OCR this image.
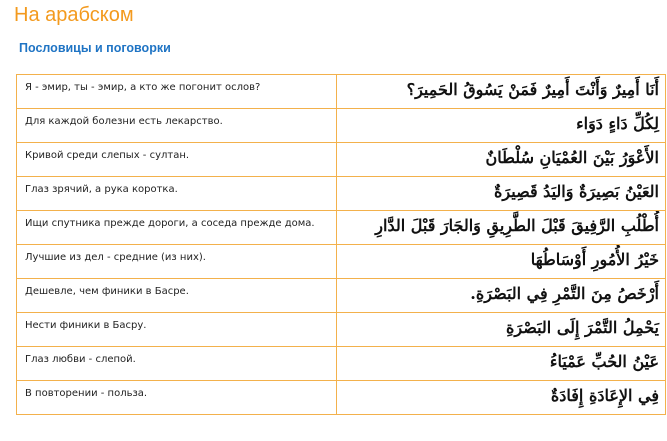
На арабском
Пословицы и поговорки
Я - эмир, ты - эмир, а кто же погонит ослов?	أَنَا أَمِيرٌ وَأَنْتَ أَمِيرٌ فَمَنْ يَسُوقُ الحَمِيرَ؟
Для каждой болезни есть лекарство.	لِكُلِّ دَاءٍ دَوَاء
Кривой среди слепых - султан.	الأَعْوَرُ بَيْنَ العُمْيَانِ سُلْطَانٌ
Глаз зрячий, а рука коротка.	العَيْنُ بَصِيرَةٌ وَاليَدُ قَصِيرَةٌ
Ищи спутника прежде дороги, а соседа прежде дома.	أُطْلُبِ الرَّفِيقَ قَبْلَ الطَّرِيقِ وَالجَارَ قَبْلَ الدَّارِ
Лучшие из дел - средние (из них).	خَيْرُ الأُمُورِ أَوْسَاطُهَا
Дешевле, чем финики в Басре.	أَرْخَصُ مِنَ التَّمْرِ فِي البَصْرَةِ.
Нести финики в Басру.	يَحْمِلُ التَّمْرَ إِلَى البَصْرَةِ
Глаз любви - слепой.	عَيْنُ الحُبِّ عَمْيَاءُ
В повторении - польза.	فِي الإِعَادَةِ إِفَادَةٌ
